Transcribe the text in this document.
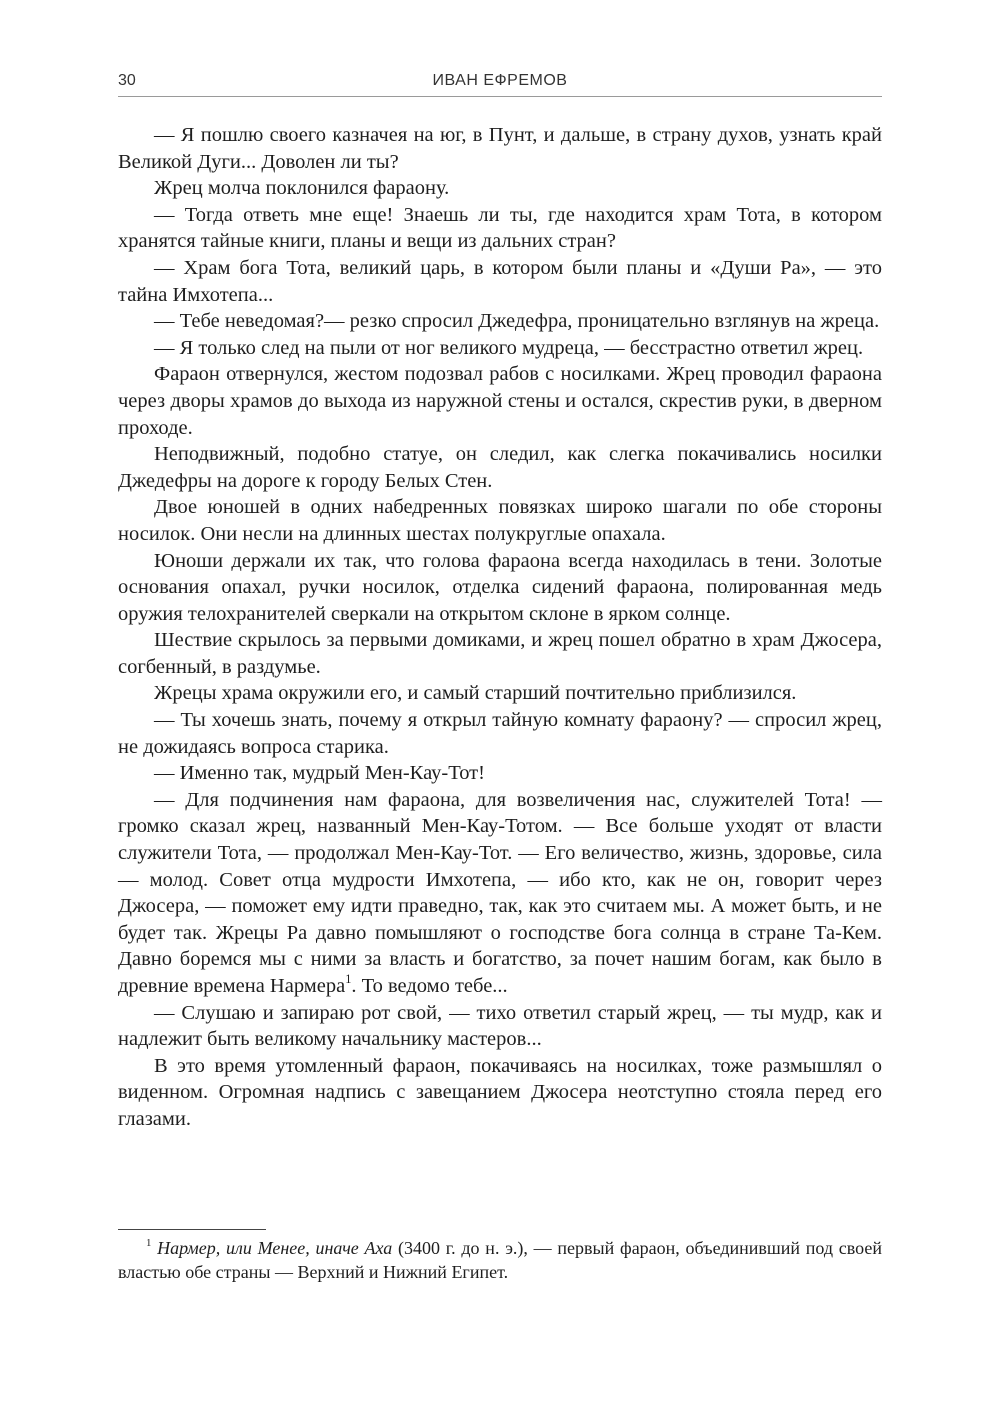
30	ИВАН ЕФРЕМОВ

— Я пошлю своего казначея на юг, в Пунт, и дальше, в страну духов, узнать край Великой Дуги... Доволен ли ты?

Жрец молча поклонился фараону.

— Тогда ответь мне еще! Знаешь ли ты, где находится храм Тота, в котором хранятся тайные книги, планы и вещи из дальних стран?

— Храм бога Тота, великий царь, в котором были планы и «Души Ра», — это тайна Имхотепа...

— Тебе неведомая?— резко спросил Джедефра, проницательно взглянув на жреца.

— Я только след на пыли от ног великого мудреца, — бесстрастно ответил жрец.

Фараон отвернулся, жестом подозвал рабов с носилками. Жрец проводил фараона через дворы храмов до выхода из наружной стены и остался, скрестив руки, в дверном проходе.

Неподвижный, подобно статуе, он следил, как слегка покачивались носилки Джедефры на дороге к городу Белых Стен.

Двое юношей в одних набедренных повязках широко шагали по обе стороны носилок. Они несли на длинных шестах полукруглые опахала.

Юноши держали их так, что голова фараона всегда находилась в тени. Золотые основания опахал, ручки носилок, отделка сидений фараона, полированная медь оружия телохранителей сверкали на открытом склоне в ярком солнце.

Шествие скрылось за первыми домиками, и жрец пошел обратно в храм Джосера, согбенный, в раздумье.

Жрецы храма окружили его, и самый старший почтительно приблизился.

— Ты хочешь знать, почему я открыл тайную комнату фараону? — спросил жрец, не дожидаясь вопроса старика.

— Именно так, мудрый Мен-Кау-Тот!

— Для подчинения нам фараона, для возвеличения нас, служителей Тота! — громко сказал жрец, названный Мен-Кау-Тотом. — Все больше уходят от власти служители Тота, — продолжал Мен-Кау-Тот. — Его величество, жизнь, здоровье, сила — молод. Совет отца мудрости Имхотепа, — ибо кто, как не он, говорит через Джосера, — поможет ему идти праведно, так, как это считаем мы. А может быть, и не будет так. Жрецы Ра давно помышляют о господстве бога солнца в стране Та-Кем. Давно боремся мы с ними за власть и богатство, за почет нашим богам, как было в древние времена Нармера$^1$. То ведомо тебе...

— Слушаю и запираю рот свой, — тихо ответил старый жрец, — ты мудр, как и надлежит быть великому начальнику мастеров...

В это время утомленный фараон, покачиваясь на носилках, тоже размышлял о виденном. Огромная надпись с завещанием Джосера неотступно стояла перед его глазами.

$^1$ Нармер, или Менее, иначе Аха (3400 г. до н. э.), — первый фараон, объединивший под своей властью обе страны — Верхний и Нижний Египет.
